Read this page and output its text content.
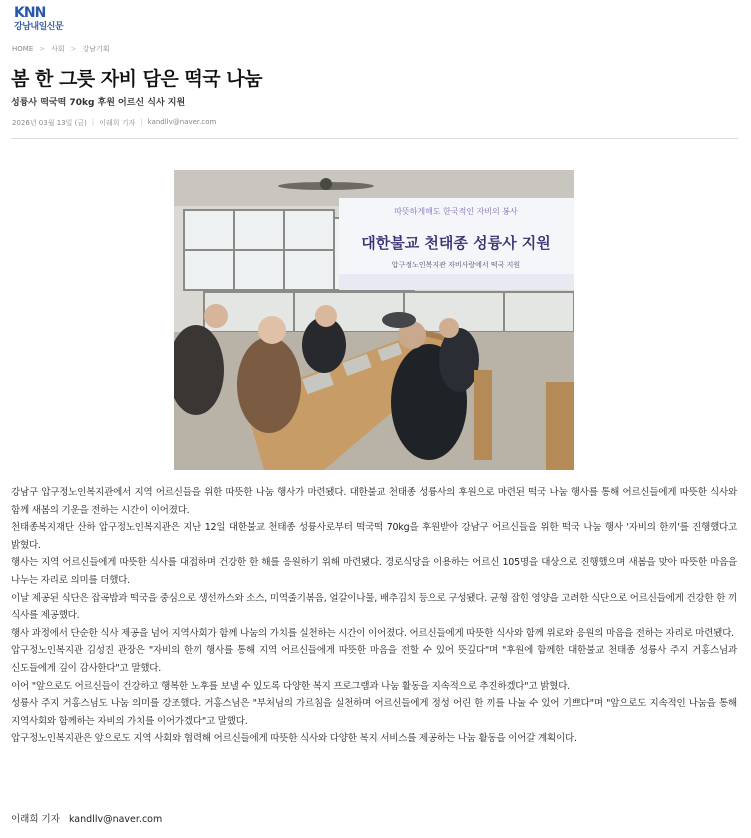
KNN
강남내일신문
HOME > 사회 > 강남기획
봄 한 그릇 자비 담은 떡국 나눔
성륭사 떡국떡 70kg 후원 어르신 식사 지원
2026년 03월 13일 (금) | 이래희 기자 | kandllv@naver.com
따뜻하게해도 한국적인 자비의 봉사
대한불교 천태종 성륭사 지원
압구정노인복지관 자비사랑에서 떡국 지원

강남구 압구정노인복지관에서 지역 어르신들을 위한 따뜻한 나눔 행사가 마련됐다. 대한불교 천태종 성륭사의 후원으로 마련된 떡국 나눔 행사를 통해 어르신들에게 따뜻한 식사와 함께 새봄의 기운을 전하는 시간이 이어졌다.

천태종복지재단 산하 압구정노인복지관은 지난 12일 대한불교 천태종 성륭사로부터 떡국떡 70kg을 후원받아 강남구 어르신들을 위한 떡국 나눔 행사 '자비의 한끼'를 진행했다고 밝혔다.

행사는 지역 어르신들에게 따뜻한 식사를 대접하며 건강한 한 해를 응원하기 위해 마련됐다. 경로식당을 이용하는 어르신 105명을 대상으로 진행했으며 새봄을 맞아 따뜻한 마음을 나누는 자리로 의미를 더했다.

이날 제공된 식단은 잡곡밥과 떡국을 중심으로 생선까스와 소스, 미역줄기볶음, 얼갈이나물, 배추김치 등으로 구성됐다. 균형 잡힌 영양을 고려한 식단으로 어르신들에게 건강한 한 끼 식사를 제공했다.

행사 과정에서 단순한 식사 제공을 넘어 지역사회가 함께 나눔의 가치를 실천하는 시간이 이어졌다. 어르신들에게 따뜻한 식사와 함께 위로와 응원의 마음을 전하는 자리로 마련됐다.

압구정노인복지관 김성진 관장은 "자비의 한끼 행사를 통해 지역 어르신들에게 따뜻한 마음을 전할 수 있어 뜻깊다"며 "후원에 함께한 대한불교 천태종 성륭사 주지 거홍스님과 신도들에게 깊이 감사한다"고 말했다.

이어 "앞으로도 어르신들이 건강하고 행복한 노후를 보낼 수 있도록 다양한 복지 프로그램과 나눔 활동을 지속적으로 추진하겠다"고 밝혔다.

성륭사 주지 거홍스님도 나눔 의미를 강조했다. 거홍스님은 "부처님의 가르침을 실천하며 어르신들에게 정성 어린 한 끼를 나눌 수 있어 기쁘다"며 "앞으로도 지속적인 나눔을 통해 지역사회와 함께하는 자비의 가치를 이어가겠다"고 말했다.

압구정노인복지관은 앞으로도 지역 사회와 협력해 어르신들에게 따뜻한 식사와 다양한 복지 서비스를 제공하는 나눔 활동을 이어갈 계획이다.

이래희 기자 kandllv@naver.com
